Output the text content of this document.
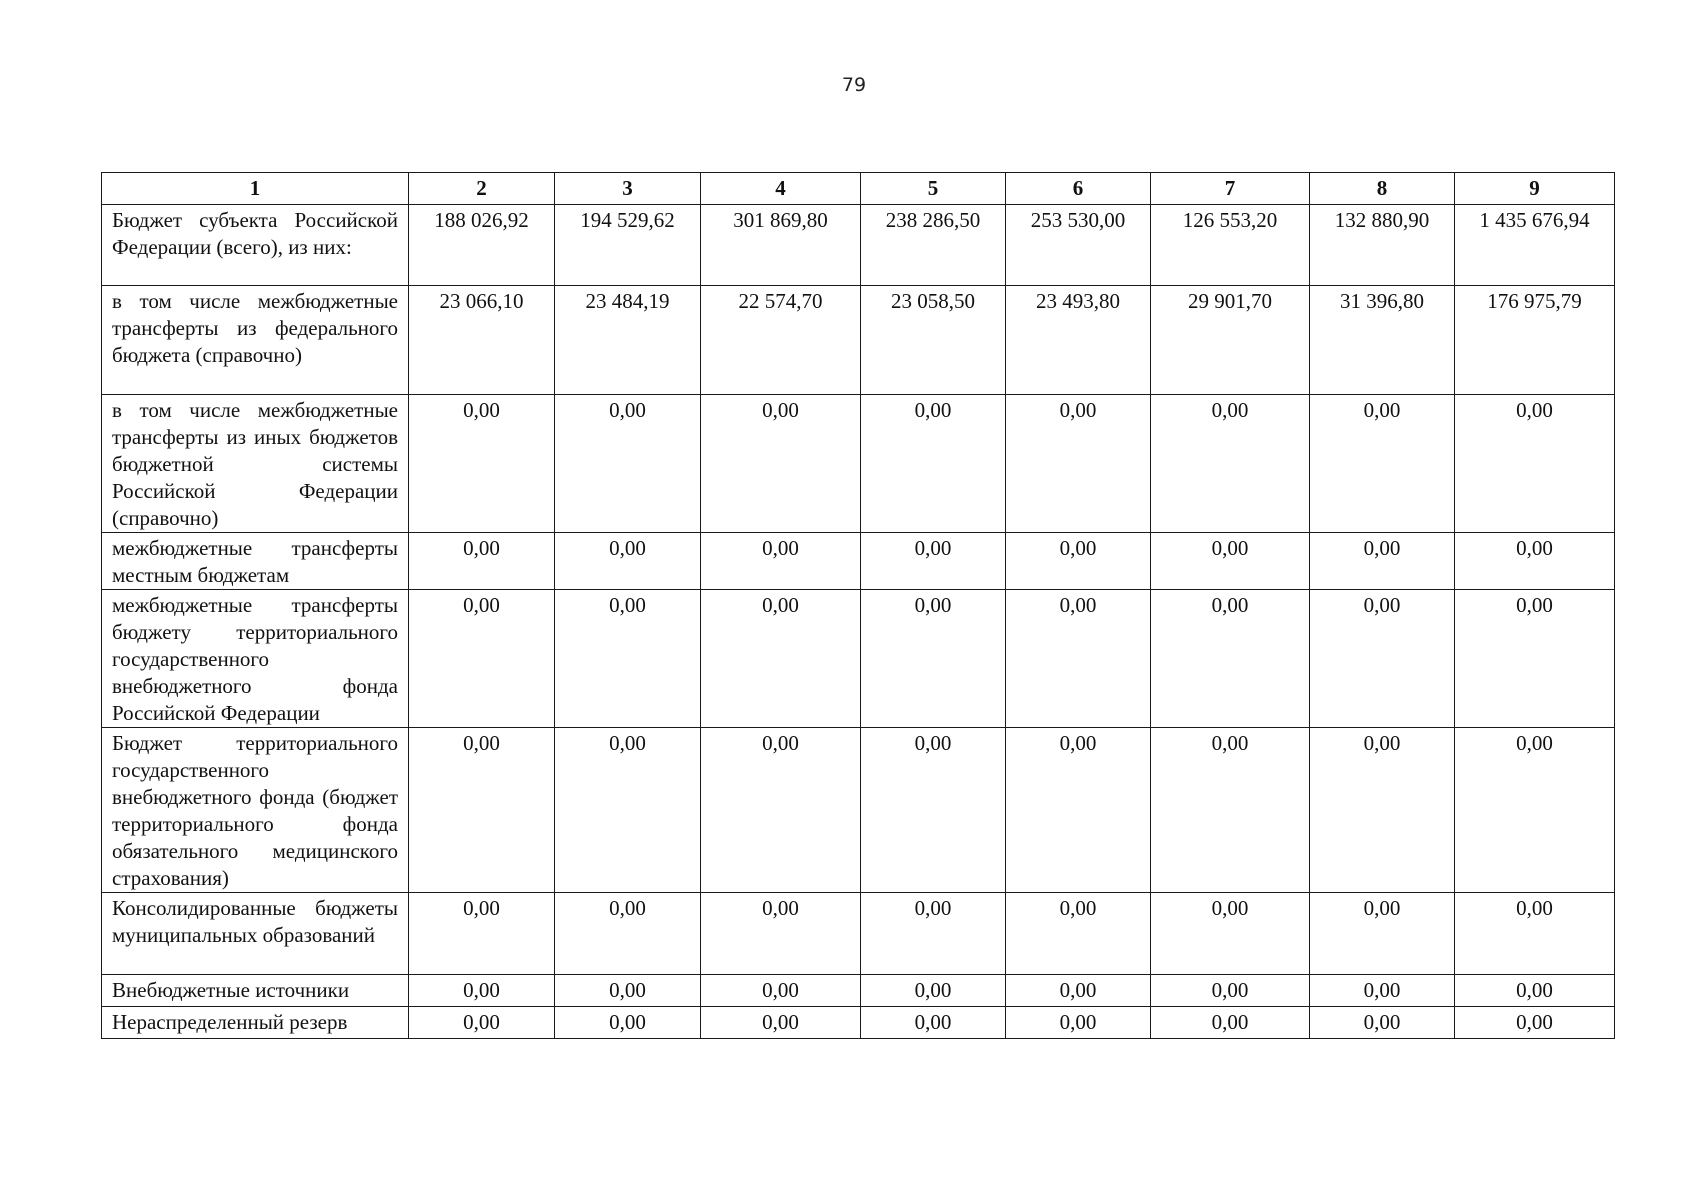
79
1	2	3	4	5	6	7	8	9
Бюджет субъекта Российской Федерации (всего), из них:	188 026,92	194 529,62	301 869,80	238 286,50	253 530,00	126 553,20	132 880,90	1 435 676,94
в том числе межбюджетные трансферты из федерального бюджета (справочно)	23 066,10	23 484,19	22 574,70	23 058,50	23 493,80	29 901,70	31 396,80	176 975,79
в том числе межбюджетные трансферты из иных бюджетов бюджетной системы Российской Федерации (справочно)	0,00	0,00	0,00	0,00	0,00	0,00	0,00	0,00
межбюджетные трансферты местным бюджетам	0,00	0,00	0,00	0,00	0,00	0,00	0,00	0,00
межбюджетные трансферты бюджету территориального государственного внебюджетного фонда Российской Федерации	0,00	0,00	0,00	0,00	0,00	0,00	0,00	0,00
Бюджет территориального государственного внебюджетного фонда (бюджет территориального фонда обязательного медицинского страхования)	0,00	0,00	0,00	0,00	0,00	0,00	0,00	0,00
Консолидированные бюджеты муниципальных образований	0,00	0,00	0,00	0,00	0,00	0,00	0,00	0,00
Внебюджетные источники	0,00	0,00	0,00	0,00	0,00	0,00	0,00	0,00
Нераспределенный резерв	0,00	0,00	0,00	0,00	0,00	0,00	0,00	0,00
